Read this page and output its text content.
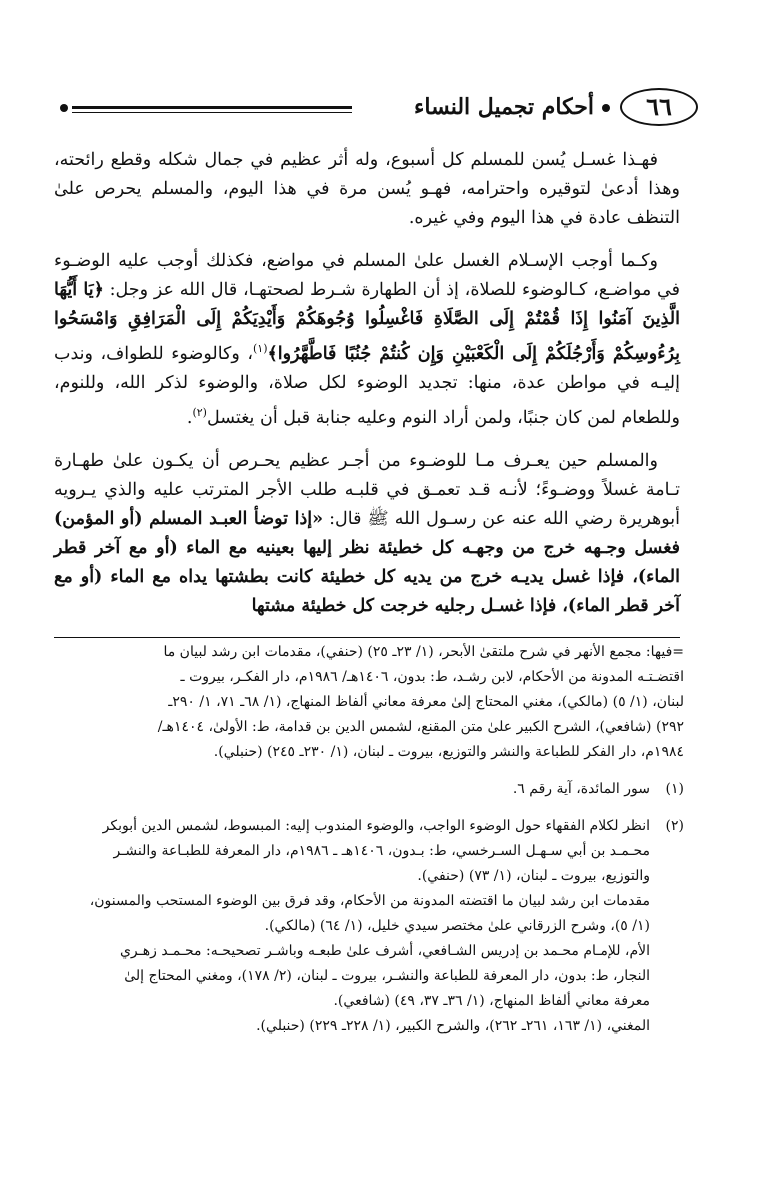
٦٦
أحكام تجميل النساء

فهـذا غسـل يُسن للمسلم كل أسبوع، وله أثر عظيم في جمال شكله وقطع رائحته، وهذا أدعىٰ لتوقيره واحترامه، فهـو يُسن مرة في هذا اليوم، والمسلم يحرص علىٰ التنظف عادة في هذا اليوم وفي غيره.

وكـما أوجب الإسـلام الغسل علىٰ المسلم في مواضع، فكذلك أوجب عليه الوضـوء في مواضـع، كـالوضوء للصلاة، إذ أن الطهارة شـرط لصحتهـا، قال الله عز وجل: ﴿يَا أَيُّهَا الَّذِينَ آمَنُوا إِذَا قُمْتُمْ إِلَى الصَّلَاةِ فَاغْسِلُوا وُجُوهَكُمْ وَأَيْدِيَكُمْ إِلَى الْمَرَافِقِ وَامْسَحُوا بِرُءُوسِكُمْ وَأَرْجُلَكُمْ إِلَى الْكَعْبَيْنِ وَإِن كُنتُمْ جُنُبًا فَاطَّهَّرُوا﴾$^{(١)}$، وكالوضوء للطواف، وندب إليـه في مواطن عدة، منها: تجديد الوضوء لكل صلاة، والوضوء لذكر الله، وللنوم، وللطعام لمن كان جنبًا، ولمن أراد النوم وعليه جنابة قبل أن يغتسل$^{(٢)}$.

والمسلم حين يعـرف مـا للوضـوء من أجـر عظيم يحـرص أن يكـون علىٰ طهـارة تـامة غسلاً ووضـوءً؛ لأنـه قـد تعمـق في قلبـه طلب الأجر المترتب عليه والذي يـرويه أبوهريرة رضي الله عنه عن رسـول الله ﷺ قال: «إذا توضأ العبـد المسلم (أو المؤمن) فغسل وجـهه خرج من وجهـه كل خطيئة نظر إليها بعينيه مع الماء (أو مع آخر قطر الماء)، فإذا غسل يديـه خرج من يديه كل خطيئة كانت بطشتها يداه مع الماء (أو مع آخر قطر الماء)، فإذا غسـل رجليه خرجت كل خطيئة مشتها

=فيها: مجمع الأنهر في شرح ملتقىٰ الأبحر، (١/ ٢٣ـ ٢٥) (حنفي)، مقدمات ابن رشد لبيان ما

اقتضـتـه المدونة من الأحكام، لابن رشـد، ط: بدون، ١٤٠٦هـ/ ١٩٨٦م، دار الفكـر، بيروت ـ

لبنان، (١/ ٥) (مالكي)، مغني المحتاج إلىٰ معرفة معاني ألفاظ المنهاج، (١/ ٦٨ـ ٧١، ١/ ٢٩٠ـ

٢٩٢) (شافعي)، الشرح الكبير علىٰ متن المقنع، لشمس الدين بن قدامة، ط: الأولىٰ، ١٤٠٤هـ/

١٩٨٤م، دار الفكر للطباعة والنشر والتوزيع، بيروت ـ لبنان، (١/ ٢٣٠ـ ٢٤٥) (حنبلي).

(١)

سور المائدة، آية رقم ٦.

(٢)

انظر لكلام الفقهاء حول الوضوء الواجب، والوضوء المندوب إليه: المبسوط، لشمس الدين أبوبكر

محـمـد بن أبي سـهـل السـرخسي، ط: بـدون، ١٤٠٦هـ ـ ١٩٨٦م، دار المعرفة للطبـاعة والنشـر

والتوزيع، بيروت ـ لبنان، (١/ ٧٣) (حنفي).

مقدمات ابن رشد لبيان ما اقتضته المدونة من الأحكام، وقد فرق بين الوضوء المستحب والمسنون،

(١/ ٥)، وشرح الزرقاني علىٰ مختصر سيدي خليل، (١/ ٦٤) (مالكي).

الأم، للإمـام محـمد بن إدريس الشـافعي، أشرف علىٰ طبعـه وباشـر تصحيحـه: محـمـد زهـري

النجار، ط: بدون، دار المعرفة للطباعة والنشـر، بيروت ـ لبنان، (٢/ ١٧٨)، ومغني المحتاج إلىٰ

معرفة معاني ألفاظ المنهاج، (١/ ٣٦ـ ٣٧، ٤٩) (شافعي).

المغني، (١/ ١٦٣، ٢٦١ـ ٢٦٢)، والشرح الكبير، (١/ ٢٢٨ـ ٢٢٩) (حنبلي).
